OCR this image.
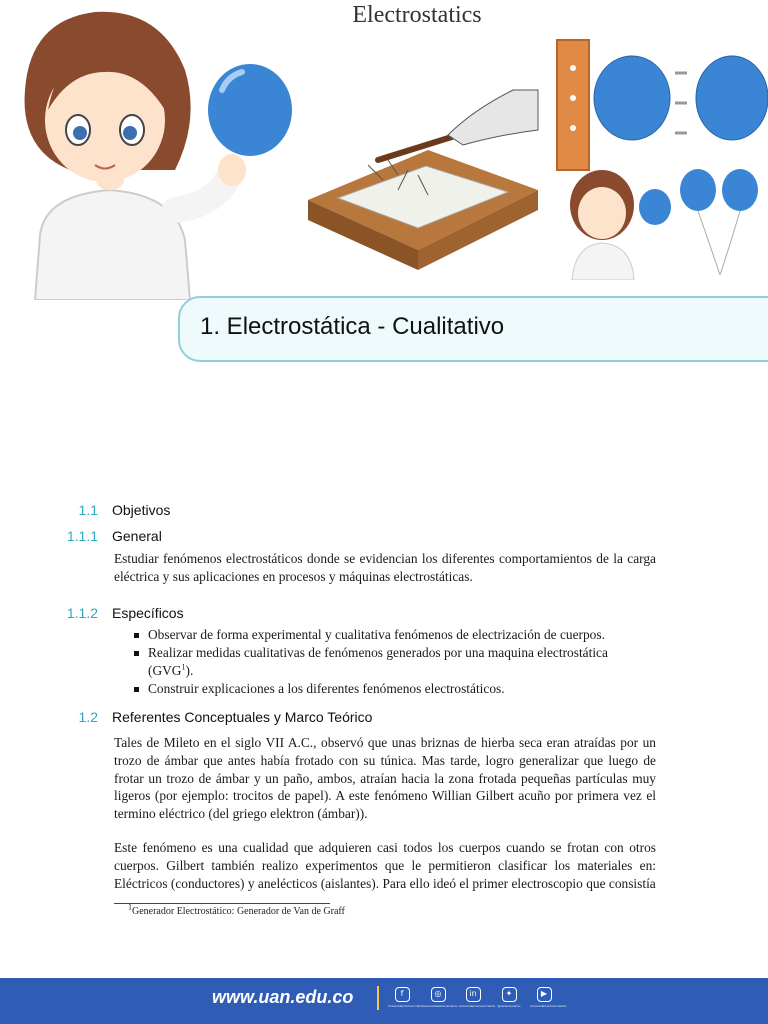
Electrostatics
1. Electrostática - Cualitativo
1.1 Objetivos
1.1.1 General

Estudiar fenómenos electrostáticos donde se evidencian los diferentes comportamientos de la carga eléctrica y sus aplicaciones en procesos y máquinas electrostáticas.

1.1.2 Específicos
Observar de forma experimental y cualitativa fenómenos de electrización de cuerpos.
Realizar medidas cualitativas de fenómenos generados por una maquina electrostática (GVG$^1$).
Construir explicaciones a los diferentes fenómenos electrostáticos.
1.2 Referentes Conceptuales y Marco Teórico

Tales de Mileto en el siglo VII A.C., observó que unas briznas de hierba seca eran atraídas por un trozo de ámbar que antes había frotado con su túnica. Mas tarde, logro generalizar que luego de frotar un trozo de ámbar y un paño, ambos, atraían hacia la zona frotada pequeñas partículas muy ligeros (por ejemplo: trocitos de papel). A este fenómeno Willian Gilbert acuño por primera vez el termino eléctrico (del griego elektron (ámbar)).

Este fenómeno es una cualidad que adquieren casi todos los cuerpos cuando se frotan con otros cuerpos. Gilbert también realizo experimentos que le permitieron clasificar los materiales en: Eléctricos (conductores) y anelécticos (aislantes). Para ello ideó el primer electroscopio que consistía

$^1$Generador Electrostático: Generador de Van de Graff
www.uan.edu.co	f
Universidad Antonio Nariño
◎
universidadantonionarino
in
Universidad Antonio Nariño
✦
@uantonionarino
▶
Universidad Antonio Nariño
